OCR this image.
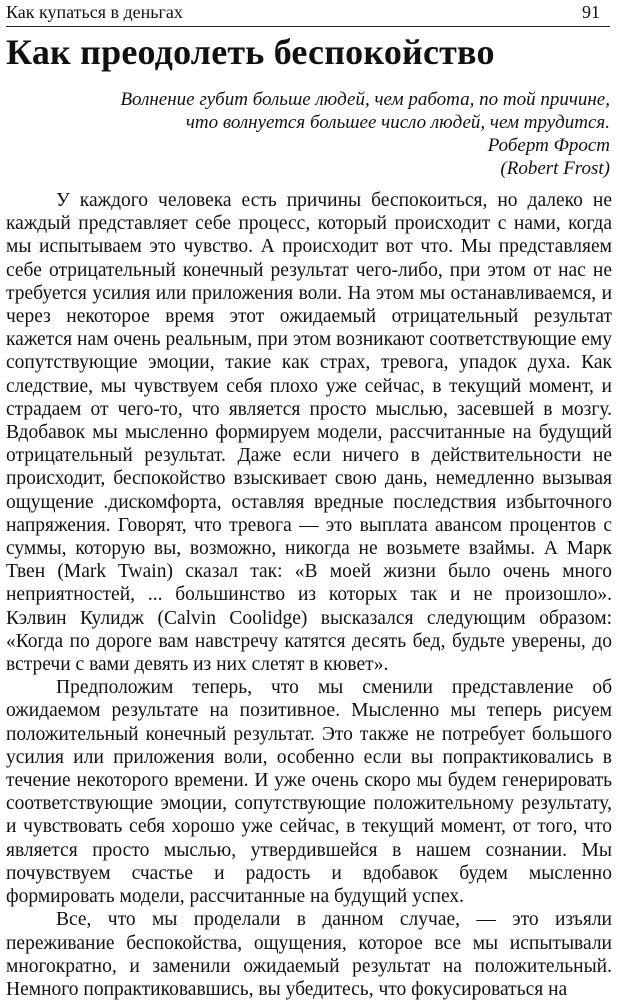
Как купаться в деньгах	91
Как преодолеть беспокойство
Волнение губит больше людей, чем работа, по той причине,
что волнуется большее число людей, чем трудится.
Роберт Фрост
(Robert Frost)

У каждого человека есть причины беспокоиться, но далеко не каждый представляет себе процесс, который происходит с нами, когда мы испытываем это чувство. А происходит вот что. Мы представляем себе отрицательный конечный результат чего-либо, при этом от нас не требуется усилия или приложения воли. На этом мы останавливаемся, и через некоторое время этот ожидаемый отрицательный результат кажется нам очень реальным, при этом возникают соответствующие ему сопутствующие эмоции, такие как страх, тревога, упадок духа. Как следствие, мы чувствуем себя плохо уже сейчас, в текущий момент, и страдаем от чего-то, что является просто мыслью, засевшей в мозгу. Вдобавок мы мысленно формируем модели, рассчитанные на будущий отрицательный результат. Даже если ничего в действительности не происходит, беспокойство взыскивает свою дань, немедленно вызывая ощущение .дискомфорта, оставляя вредные последствия избыточного напряжения. Говорят, что тревога — это выплата авансом процентов с суммы, которую вы, возможно, никогда не возьмете взаймы. А Марк Твен (Mark Twain) сказал так: «В моей жизни было очень много неприятностей, ... большинство из которых так и не произошло». Кэлвин Кулидж (Calvin Coolidge) высказался следующим образом: «Когда по дороге вам навстречу катятся десять бед, будьте уверены, до встречи с вами девять из них слетят в кювет».

Предположим теперь, что мы сменили представление об ожидаемом результате на позитивное. Мысленно мы теперь рисуем положительный конечный результат. Это также не потребует большого усилия или приложения воли, особенно если вы попрактиковались в течение некоторого времени. И уже очень скоро мы будем генерировать соответствующие эмоции, сопутствующие положительному результату, и чувствовать себя хорошо уже сейчас, в текущий момент, от того, что является просто мыслью, утвердившейся в нашем сознании. Мы почувствуем счастье и радость и вдобавок будем мысленно формировать модели, рассчитанные на будущий успех.

Все, что мы проделали в данном случае, — это изъяли переживание беспокойства, ощущения, которое все мы испытывали многократно, и заменили ожидаемый результат на положительный. Немного попрактиковавшись, вы убедитесь, что фокусироваться на
